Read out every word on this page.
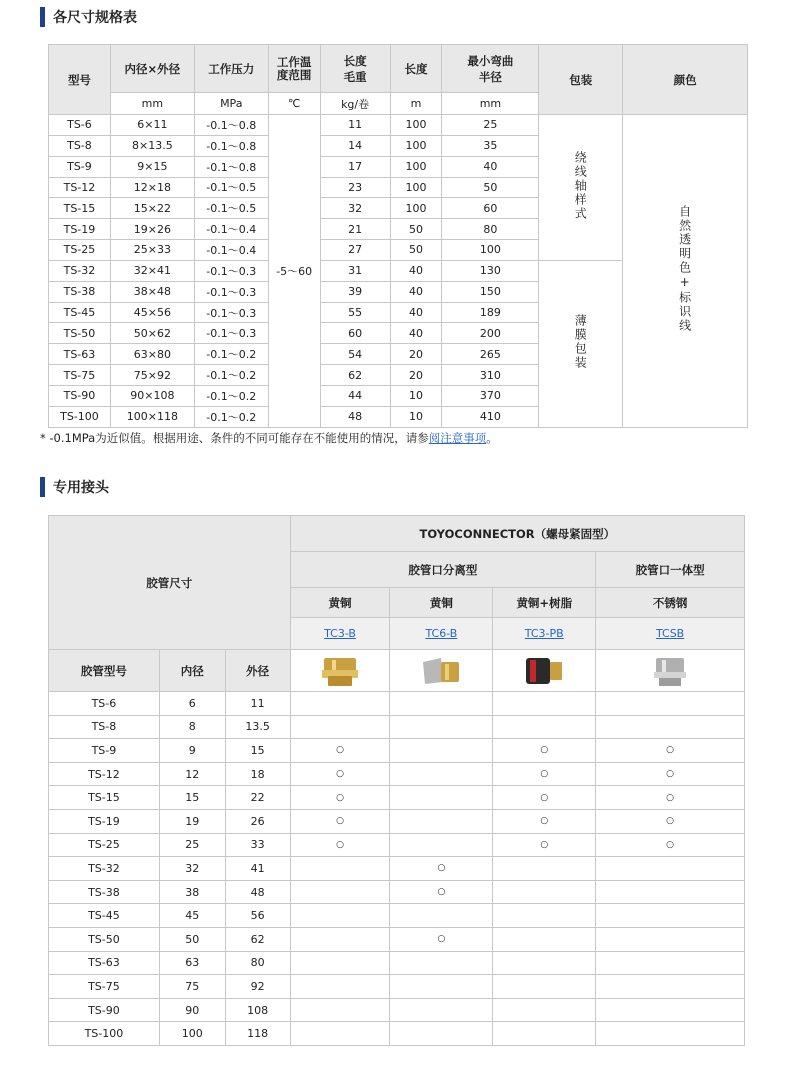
各尺寸规格表
型号	内径×外径	工作压力	工作温度范围	长度毛重	长度	最小弯曲半径	包装	颜色
	mm	MPa	℃	kg/卷	m	mm		
TS-6	6×11	-0.1～0.8	-5～60	11	100	25	绕线轴样式	自然透明色+标识线
TS-8	8×13.5	-0.1～0.8		14	100	35		
TS-9	9×15	-0.1～0.8		17	100	40		
TS-12	12×18	-0.1～0.5		23	100	50		
TS-15	15×22	-0.1～0.5		32	100	60		
TS-19	19×26	-0.1～0.4		21	50	80		
TS-25	25×33	-0.1～0.4		27	50	100		
TS-32	32×41	-0.1～0.3		31	40	130	薄膜包装	
TS-38	38×48	-0.1～0.3		39	40	150		
TS-45	45×56	-0.1～0.3		55	40	189		
TS-50	50×62	-0.1～0.3		60	40	200		
TS-63	63×80	-0.1～0.2		54	20	265		
TS-75	75×92	-0.1～0.2		62	20	310		
TS-90	90×108	-0.1～0.2		44	10	370		
TS-100	100×118	-0.1～0.2		48	10	410		
* -0.1MPa为近似值。根据用途、条件的不同可能存在不能使用的情况，请参阅注意事项。
专用接头
胶管尺寸			TOYOCONNECTOR（螺母紧固型）			
			胶管口分离型			胶管口一体型
			黄铜	黄铜	黄铜+树脂	不锈钢
			TC3-B	TC6-B	TC3-PB	TCSB
胶管型号	内径	外径				
TS-6	6	11				
TS-8	8	13.5				
TS-9	9	15	○		○	○
TS-12	12	18	○		○	○
TS-15	15	22	○		○	○
TS-19	19	26	○		○	○
TS-25	25	33	○		○	○
TS-32	32	41		○		
TS-38	38	48		○		
TS-45	45	56				
TS-50	50	62		○		
TS-63	63	80				
TS-75	75	92				
TS-90	90	108				
TS-100	100	118				
